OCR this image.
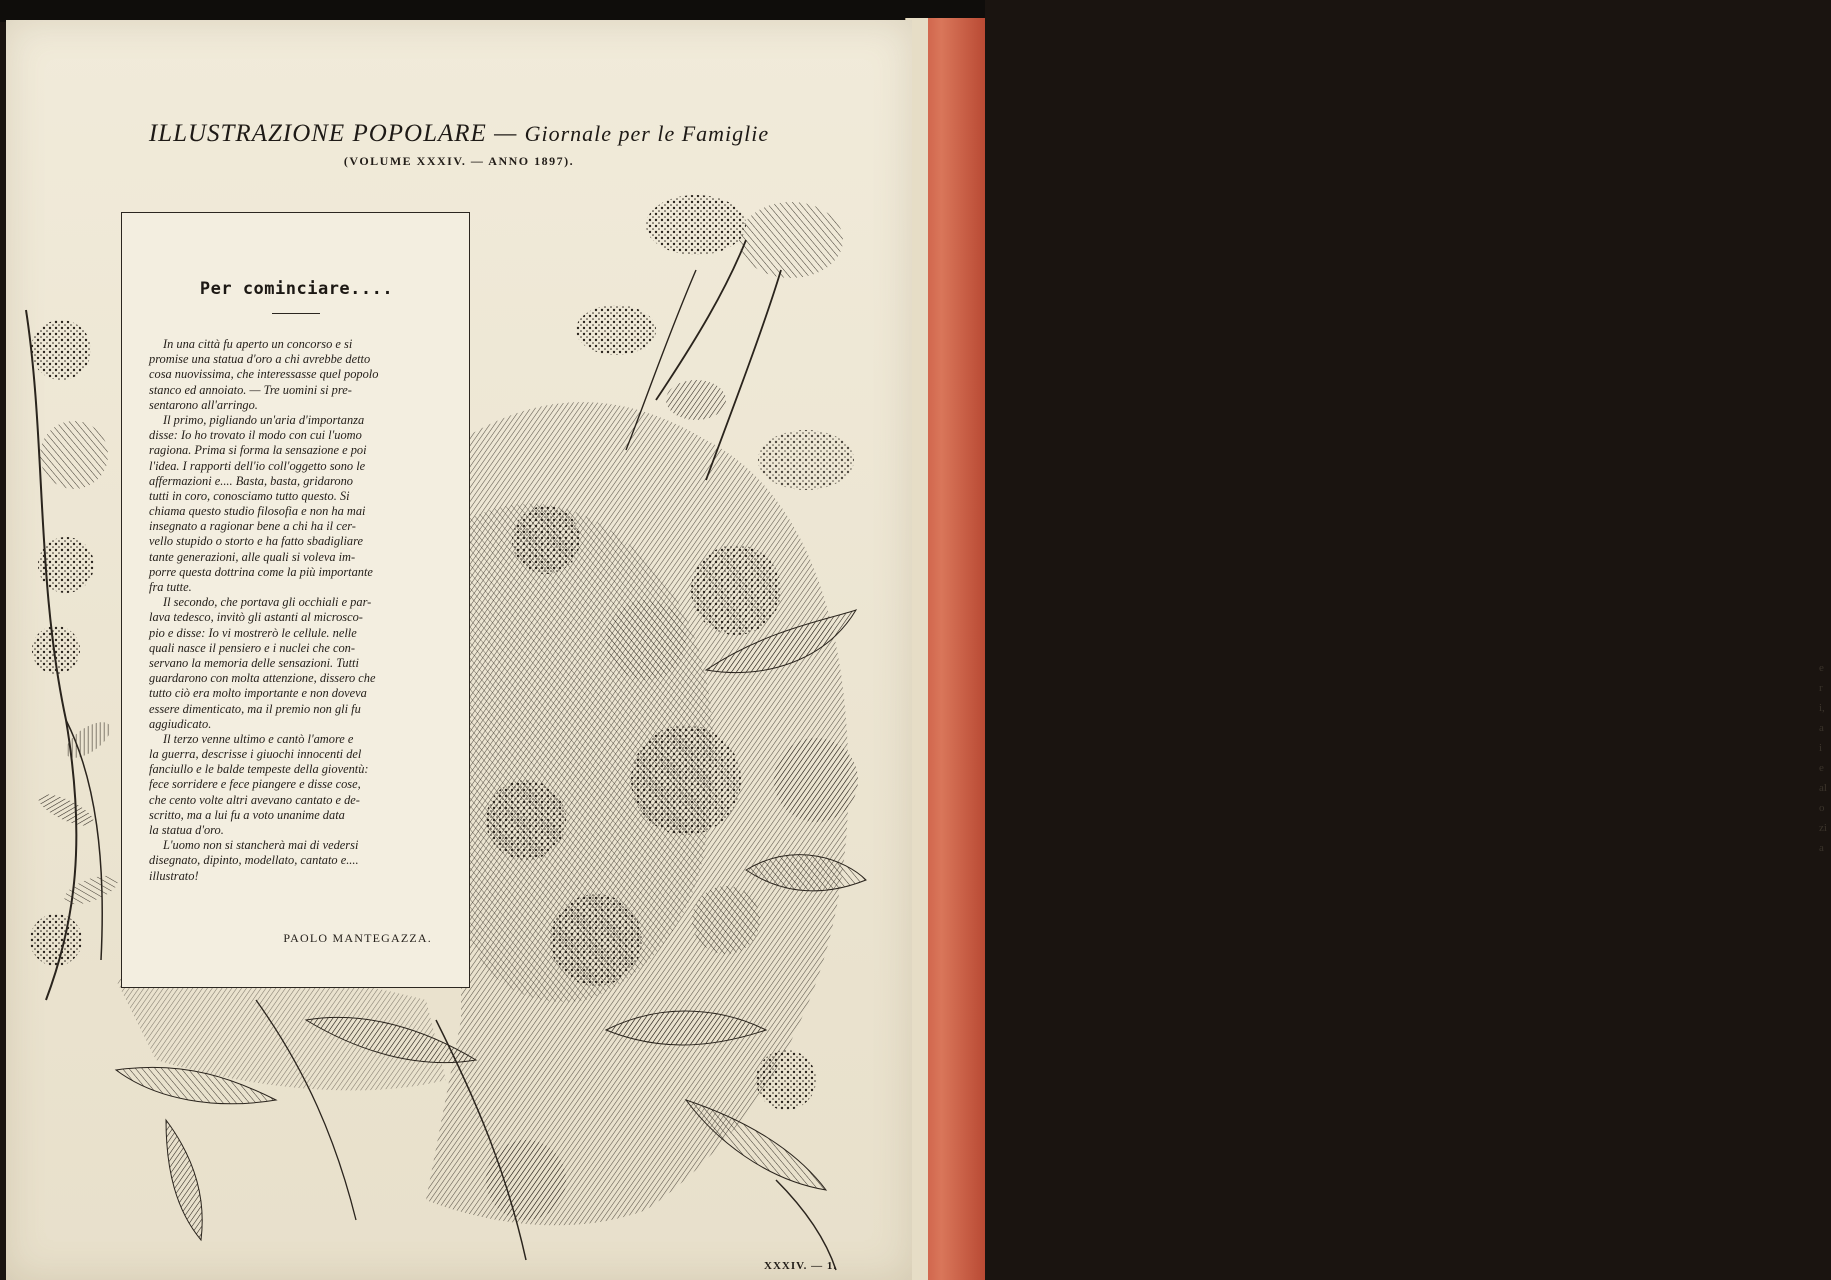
e
r
i,
a
i
e
al
o
zi
a
ILLUSTRAZIONE POPOLARE — Giornale per le Famiglie
(VOLUME XXXIV. — ANNO 1897).
Per cominciare....
In una città fu aperto un concorso e si
promise una statua d'oro a chi avrebbe detto
cosa nuovissima, che interessasse quel popolo
stanco ed annoiato. — Tre uomini si pre-
sentarono all'arringo.
Il primo, pigliando un'aria d'importanza
disse: Io ho trovato il modo con cui l'uomo
ragiona. Prima si forma la sensazione e poi
l'idea. I rapporti dell'io coll'oggetto sono le
affermazioni e.... Basta, basta, gridarono
tutti in coro, conosciamo tutto questo. Si
chiama questo studio filosofia e non ha mai
insegnato a ragionar bene a chi ha il cer-
vello stupido o storto e ha fatto sbadigliare
tante generazioni, alle quali si voleva im-
porre questa dottrina come la più importante
fra tutte.
Il secondo, che portava gli occhiali e par-
lava tedesco, invitò gli astanti al microsco-
pio e disse: Io vi mostrerò le cellule. nelle
quali nasce il pensiero e i nuclei che con-
servano la memoria delle sensazioni. Tutti
guardarono con molta attenzione, dissero che
tutto ciò era molto importante e non doveva
essere dimenticato, ma il premio non gli fu
aggiudicato.
Il terzo venne ultimo e cantò l'amore e
la guerra, descrisse i giuochi innocenti del
fanciullo e le balde tempeste della gioventù:
fece sorridere e fece piangere e disse cose,
che cento volte altri avevano cantato e de-
scritto, ma a lui fu a voto unanime data
la statua d'oro.
L'uomo non si stancherà mai di vedersi
disegnato, dipinto, modellato, cantato e....
illustrato!
PAOLO MANTEGAZZA.
XXXIV. — 1.
